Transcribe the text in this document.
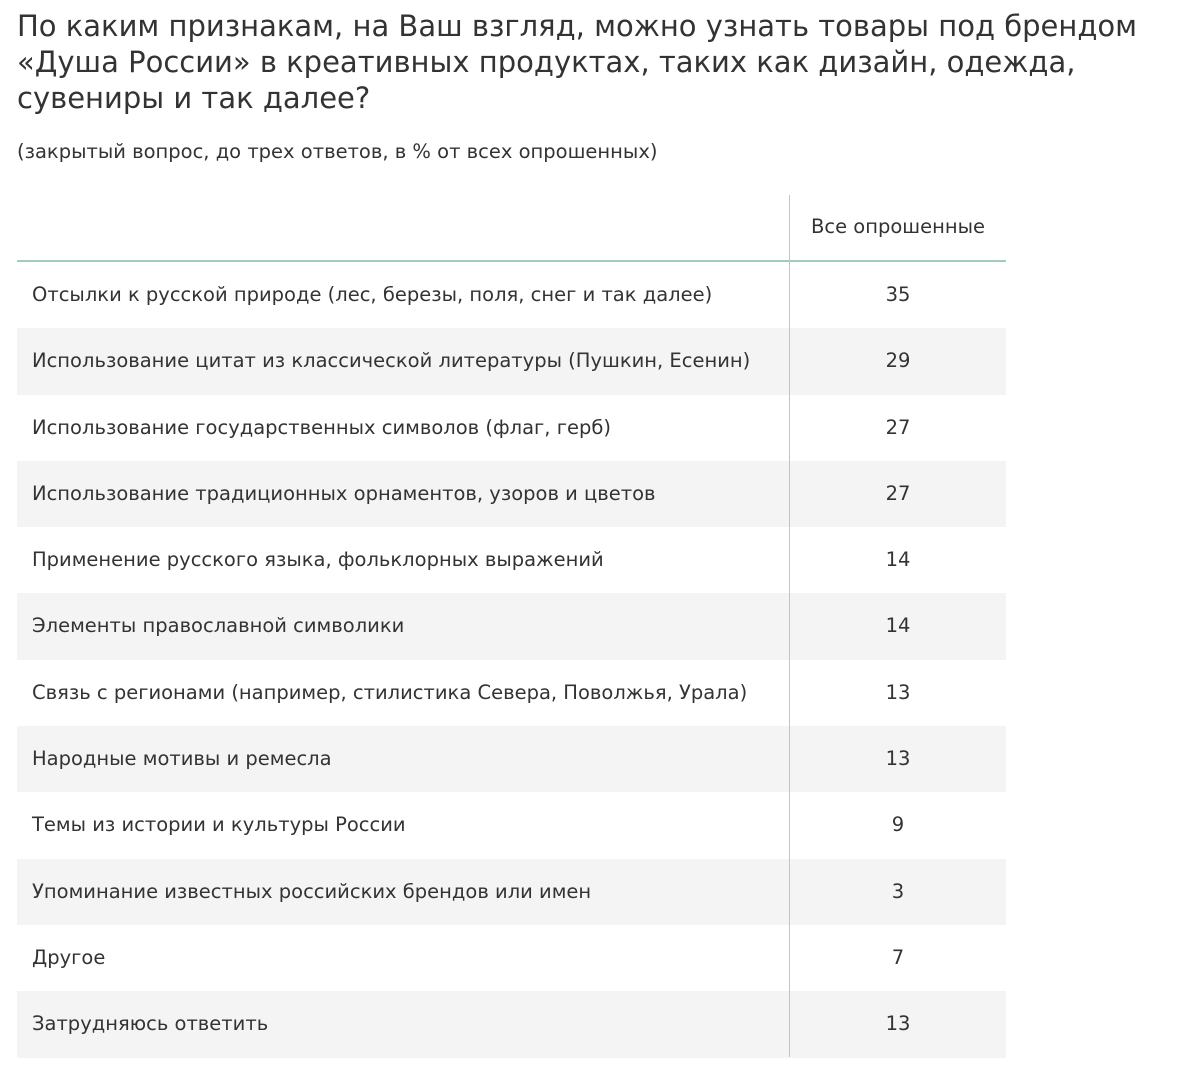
По каким признакам, на Ваш взгляд, можно узнать товары под брендом «Душа России» в креативных продуктах, таких как дизайн, одежда, сувениры и так далее?

(закрытый вопрос, до трех ответов, в % от всех опрошенных)

Все опрошенные
Отсылки к русской природе (лес, березы, поля, снег и так далее)	35
Использование цитат из классической литературы (Пушкин, Есенин)	29
Использование государственных символов (флаг, герб)	27
Использование традиционных орнаментов, узоров и цветов	27
Применение русского языка, фольклорных выражений	14
Элементы православной символики	14
Связь с регионами (например, стилистика Севера, Поволжья, Урала)	13
Народные мотивы и ремесла	13
Темы из истории и культуры России	9
Упоминание известных российских брендов или имен	3
Другое	7
Затрудняюсь ответить	13
